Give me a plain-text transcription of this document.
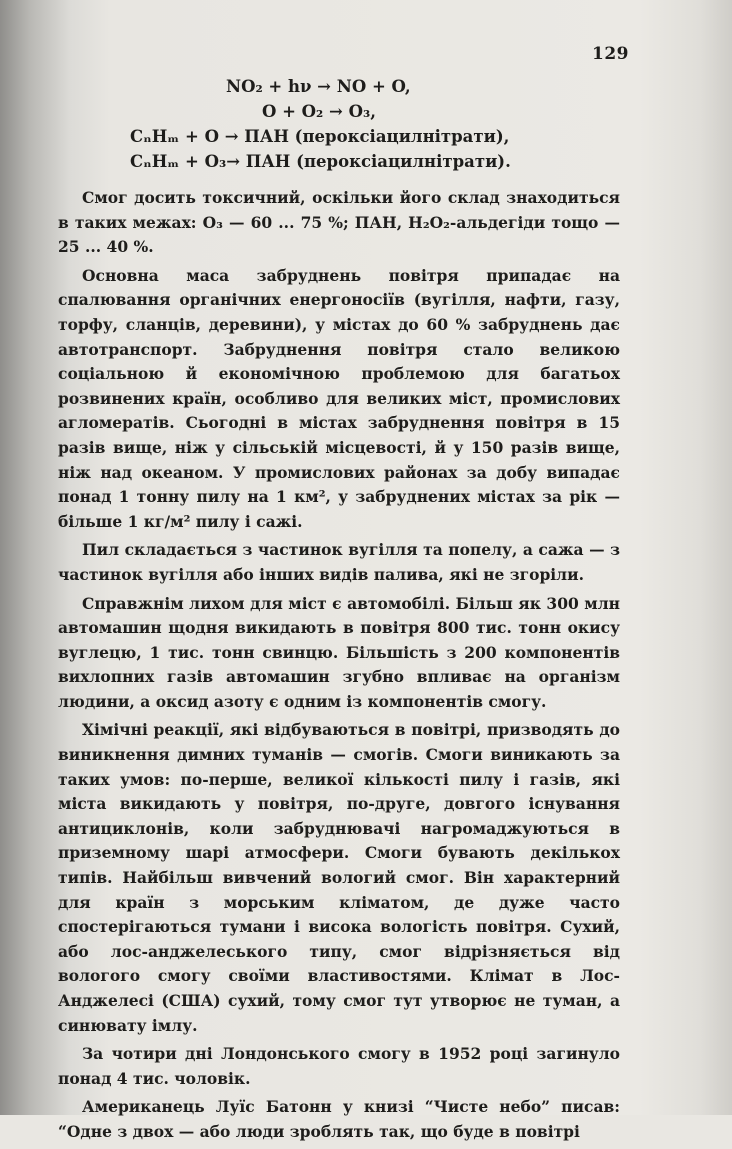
129
NO₂ + hν → NO + O,
O + O₂ → O₃,
CₙHₘ + O → ПАН (пероксіацилнітрати),
CₙHₘ + O₃→ ПАН (пероксіацилнітрати).

Смог досить токсичний, оскільки його склад знаходиться в таких межах: O₃ — 60 ... 75 %; ПАН, H₂O₂-альдегіди тощо — 25 ... 40 %.

Основна маса забруднень повітря припадає на спалювання органічних енергоносіїв (вугілля, нафти, газу, торфу, сланців, деревини), у містах до 60 % забруднень дає автотранспорт. Забруднення повітря стало великою соціальною й економічною проблемою для багатьох розвинених країн, особливо для великих міст, промислових агломератів. Сьогодні в містах забруднення повітря в 15 разів вище, ніж у сільській місцевості, й у 150 разів вище, ніж над океаном. У промислових районах за добу випадає понад 1 тонну пилу на 1 км², у забруднених містах за рік — більше 1 кг/м² пилу і сажі.

Пил складається з частинок вугілля та попелу, а сажа — з частинок вугілля або інших видів палива, які не згоріли.

Справжнім лихом для міст є автомобілі. Більш як 300 млн автомашин щодня викидають в повітря 800 тис. тонн окису вуглецю, 1 тис. тонн свинцю. Більшість з 200 компонентів вихлопних газів автомашин згубно впливає на організм людини, а оксид азоту є одним із компонентів смогу.

Хімічні реакції, які відбуваються в повітрі, призводять до виникнення димних туманів — смогів. Смоги виникають за таких умов: по-перше, великої кількості пилу і газів, які міста викидають у повітря, по-друге, довгого існування антициклонів, коли забруднювачі нагромаджуються в приземному шарі атмосфери. Смоги бувають декількох типів. Найбільш вивчений вологий смог. Він характерний для країн з морським кліматом, де дуже часто спостерігаються тумани і висока вологість повітря. Сухий, або лос-анджелеського типу, смог відрізняється від вологого смогу своїми властивостями. Клімат в Лос-Анджелесі (США) сухий, тому смог тут утворює не туман, а синювату імлу.

За чотири дні Лондонського смогу в 1952 році загинуло понад 4 тис. чоловік.

Американець Луїс Батонн у книзі “Чисте небо” писав: “Одне з двох — або люди зроблять так, що буде в повітрі
